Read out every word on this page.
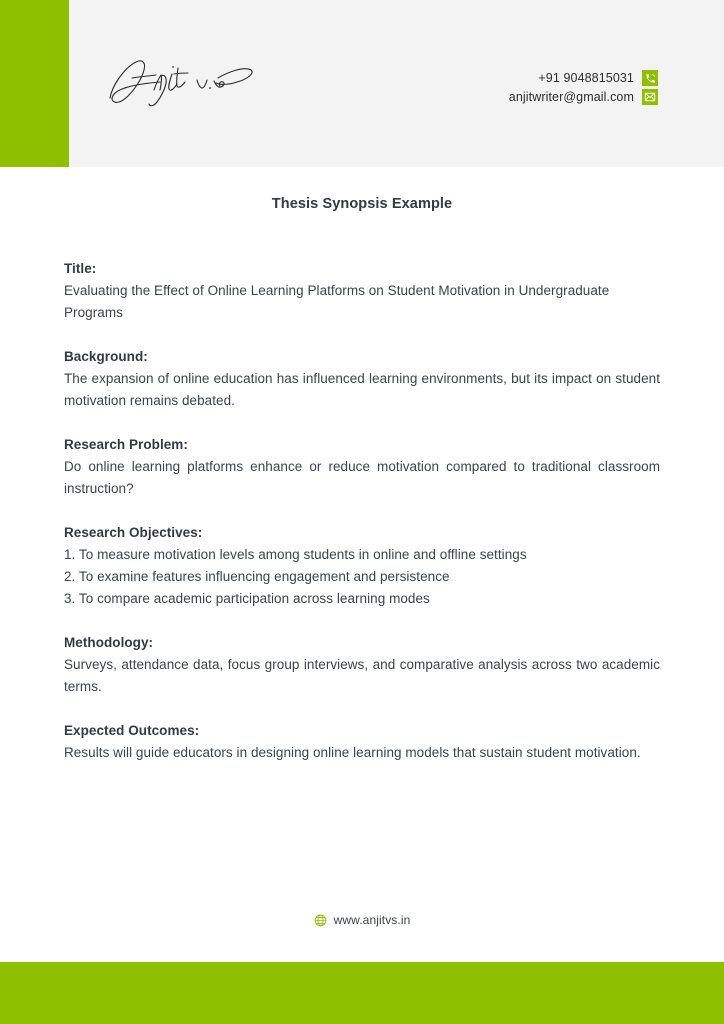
+91 9048815031
anjitwriter@gmail.com
Thesis Synopsis Example
Title:
Evaluating the Effect of Online Learning Platforms on Student Motivation in Undergraduate Programs
Background:
The expansion of online education has influenced learning environments, but its impact on student motivation remains debated.
Research Problem:
Do online learning platforms enhance or reduce motivation compared to traditional classroom instruction?
Research Objectives:
1. To measure motivation levels among students in online and offline settings
2. To examine features influencing engagement and persistence
3. To compare academic participation across learning modes
Methodology:
Surveys, attendance data, focus group interviews, and comparative analysis across two academic terms.
Expected Outcomes:
Results will guide educators in designing online learning models that sustain student motivation.
www.anjitvs.in
